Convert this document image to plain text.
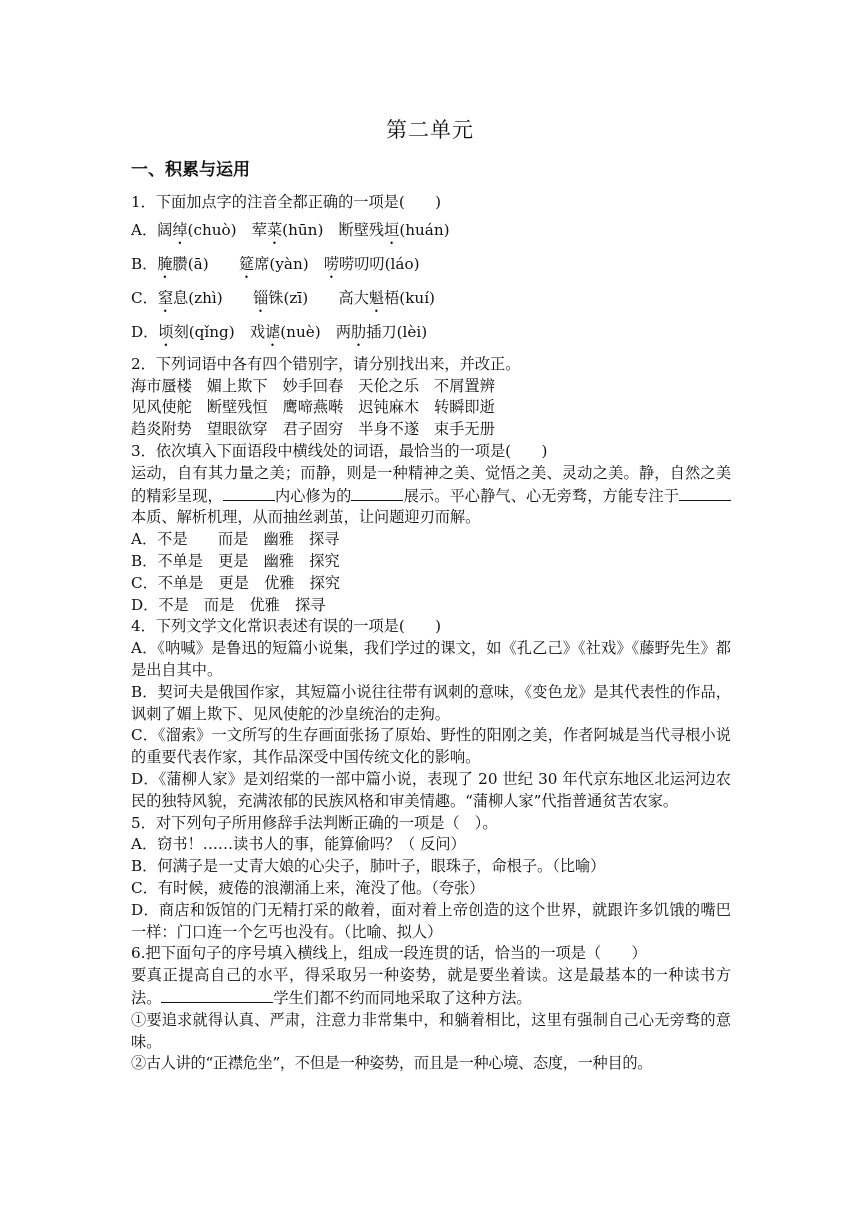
第二单元
一、积累与运用
1．下面加点字的注音全都正确的一项是(　　)
A．阔绰(chuò)　荤菜(hūn)　断壁残垣(huán)
B．腌臜(ā)　　筵席(yàn)　唠唠叨叨(láo)
C．窒息(zhì)　　锱铢(zī)　　高大魁梧(kuí)
D．顷刻(qǐng)　戏谑(nuè)　两肋插刀(lèi)
2．下列词语中各有四个错别字，请分别找出来，并改正。
海市蜃楼 媚上欺下 妙手回春 天伦之乐 不屑置辨
见风使舵 断壁残恒 鹰啼燕啭 迟钝麻木 转瞬即逝
趋炎附势 望眼欲穿 君子固穷 半身不遂 束手无册
3．依次填入下面语段中横线处的词语，最恰当的一项是(　　)
运动，自有其力量之美；而静，则是一种精神之美、觉悟之美、灵动之美。静，自然之美的精彩呈现，	内心修为的	展示。平心静气、心无旁骛，方能专注于本质、解析机理，从而抽丝剥茧，让问题迎刃而解。
A．不是　　而是　幽雅　探寻
B．不单是　更是　幽雅　探究
C．不单是　更是　优雅　探究
D．不是　而是　优雅　探寻
4．下列文学文化常识表述有误的一项是(　　)
A．《呐喊》是鲁迅的短篇小说集，我们学过的课文，如《孔乙己》《社戏》《藤野先生》都是出自其中。
B．契诃夫是俄国作家，其短篇小说往往带有讽刺的意味，《变色龙》是其代表性的作品，讽刺了媚上欺下、见风使舵的沙皇统治的走狗。
C．《溜索》一文所写的生存画面张扬了原始、野性的阳刚之美，作者阿城是当代寻根小说的重要代表作家，其作品深受中国传统文化的影响。
D．《蒲柳人家》是刘绍棠的一部中篇小说，表现了 20 世纪 30 年代京东地区北运河边农民的独特风貌，充满浓郁的民族风格和审美情趣。“蒲柳人家”代指普通贫苦农家。
5．对下列句子所用修辞手法判断正确的一项是（　）。
A．窃书！……读书人的事，能算偷吗？（ 反问）
B．何满子是一丈青大娘的心尖子，肺叶子，眼珠子，命根子。（比喻）
C．有时候，疲倦的浪潮涌上来，淹没了他。（夸张）
D．商店和饭馆的门无精打采的敞着，面对着上帝创造的这个世界，就跟许多饥饿的嘴巴一样：门口连一个乞丐也没有。（比喻、拟人）
6.把下面句子的序号填入横线上，组成一段连贯的话，恰当的一项是（　　）
要真正提高自己的水平，得采取另一种姿势，就是要坐着读。这是最基本的一种读书方法。	学生们都不约而同地采取了这种方法。
①要追求就得认真、严肃，注意力非常集中，和躺着相比，这里有强制自己心无旁骛的意味。
②古人讲的“正襟危坐”，不但是一种姿势，而且是一种心境、态度，一种目的。
